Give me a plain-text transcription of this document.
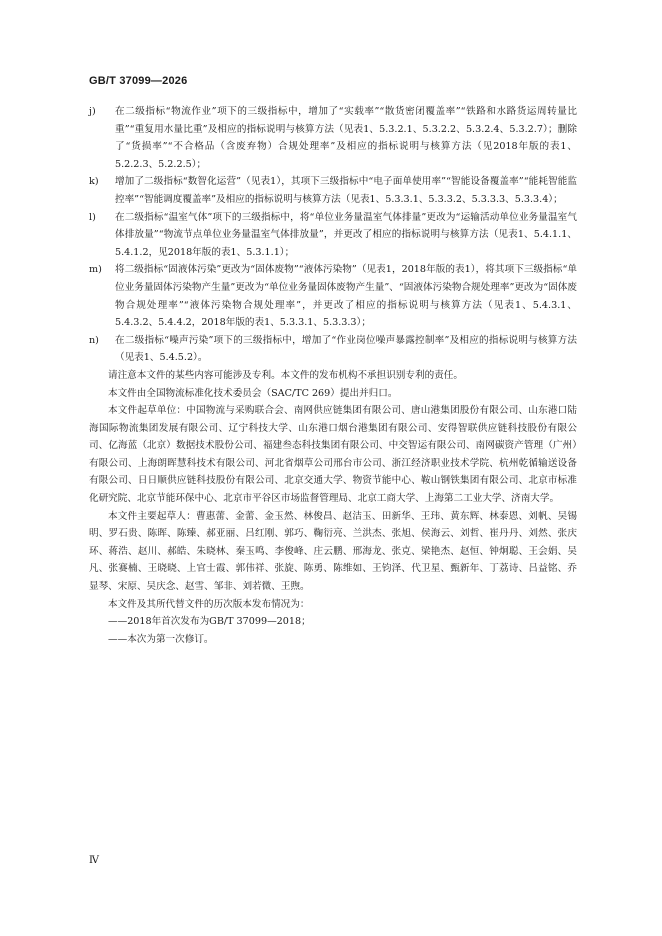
GB/T 37099—2026
j)	在二级指标“物流作业”项下的三级指标中，增加了“实载率”“散货密闭覆盖率”“铁路和水路货运周转量比重”“重复用水量比重”及相应的指标说明与核算方法（见表1、5.3.2.1、5.3.2.2、5.3.2.4、5.3.2.7）；删除了“货损率”“不合格品（含废弃物）合规处理率”及相应的指标说明与核算方法（见2018年版的表1、5.2.2.3、5.2.2.5）；
k)	增加了二级指标“数智化运营”（见表1），其项下三级指标中“电子面单使用率”“智能设备覆盖率”“能耗智能监控率”“智能调度覆盖率”及相应的指标说明与核算方法（见表1、5.3.3.1、5.3.3.2、5.3.3.3、5.3.3.4）；
l)	在二级指标“温室气体”项下的三级指标中，将“单位业务量温室气体排量”更改为“运输活动单位业务量温室气体排放量”“物流节点单位业务量温室气体排放量”，并更改了相应的指标说明与核算方法（见表1、5.4.1.1、5.4.1.2，见2018年版的表1、5.3.1.1）；
m)	将二级指标“固液体污染”更改为“固体废物”“液体污染物”（见表1，2018年版的表1），将其项下三级指标“单位业务量固体污染物产生量”更改为“单位业务量固体废物产生量”、“固液体污染物合规处理率”更改为“固体废物合规处理率”“液体污染物合规处理率”，并更改了相应的指标说明与核算方法（见表1、5.4.3.1、5.4.3.2、5.4.4.2，2018年版的表1、5.3.3.1、5.3.3.3）；
n)	在二级指标“噪声污染”项下的三级指标中，增加了“作业岗位噪声暴露控制率”及相应的指标说明与核算方法（见表1、5.4.5.2）。

请注意本文件的某些内容可能涉及专利。本文件的发布机构不承担识别专利的责任。

本文件由全国物流标准化技术委员会（SAC/TC 269）提出并归口。

本文件起草单位：中国物流与采购联合会、南网供应链集团有限公司、唐山港集团股份有限公司、山东港口陆海国际物流集团发展有限公司、辽宁科技大学、山东港口烟台港集团有限公司、安得智联供应链科技股份有限公司、亿海蓝（北京）数据技术股份公司、福建叁态科技集团有限公司、中交智运有限公司、南网碳资产管理（广州）有限公司、上海朗晖慧科技术有限公司、河北省烟草公司邢台市公司、浙江经济职业技术学院、杭州乾循输送设备有限公司、日日顺供应链科技股份有限公司、北京交通大学、物资节能中心、鞍山钢铁集团有限公司、北京市标准化研究院、北京节能环保中心、北京市平谷区市场监督管理局、北京工商大学、上海第二工业大学、济南大学。

本文件主要起草人：曹惠蕾、金蕾、金玉然、林俊昌、赵洁玉、田新华、王玮、黄东辉、林泰恩、刘帆、吴锡明、罗石贵、陈晖、陈臻、郝亚丽、吕红刚、郭巧、鞠衍亮、兰洪杰、张旭、侯海云、刘哲、崔丹丹、刘然、张庆环、蒋浩、赵川、郝皓、朱晓林、秦玉鸣、李俊峰、庄云鹏、邢海龙、张克、梁艳杰、赵恒、钟炯聪、王会娟、吴凡、张赛楠、王晓晓、上官士霞、郭伟祥、张旋、陈勇、陈维如、王钧泽、代卫星、甄新年、丁荔诗、吕益铭、乔显琴、宋原、吴庆念、赵雪、邹非、刘若微、王煦。

本文件及其所代替文件的历次版本发布情况为：

——2018年首次发布为GB/T 37099—2018；

——本次为第一次修订。

Ⅳ
